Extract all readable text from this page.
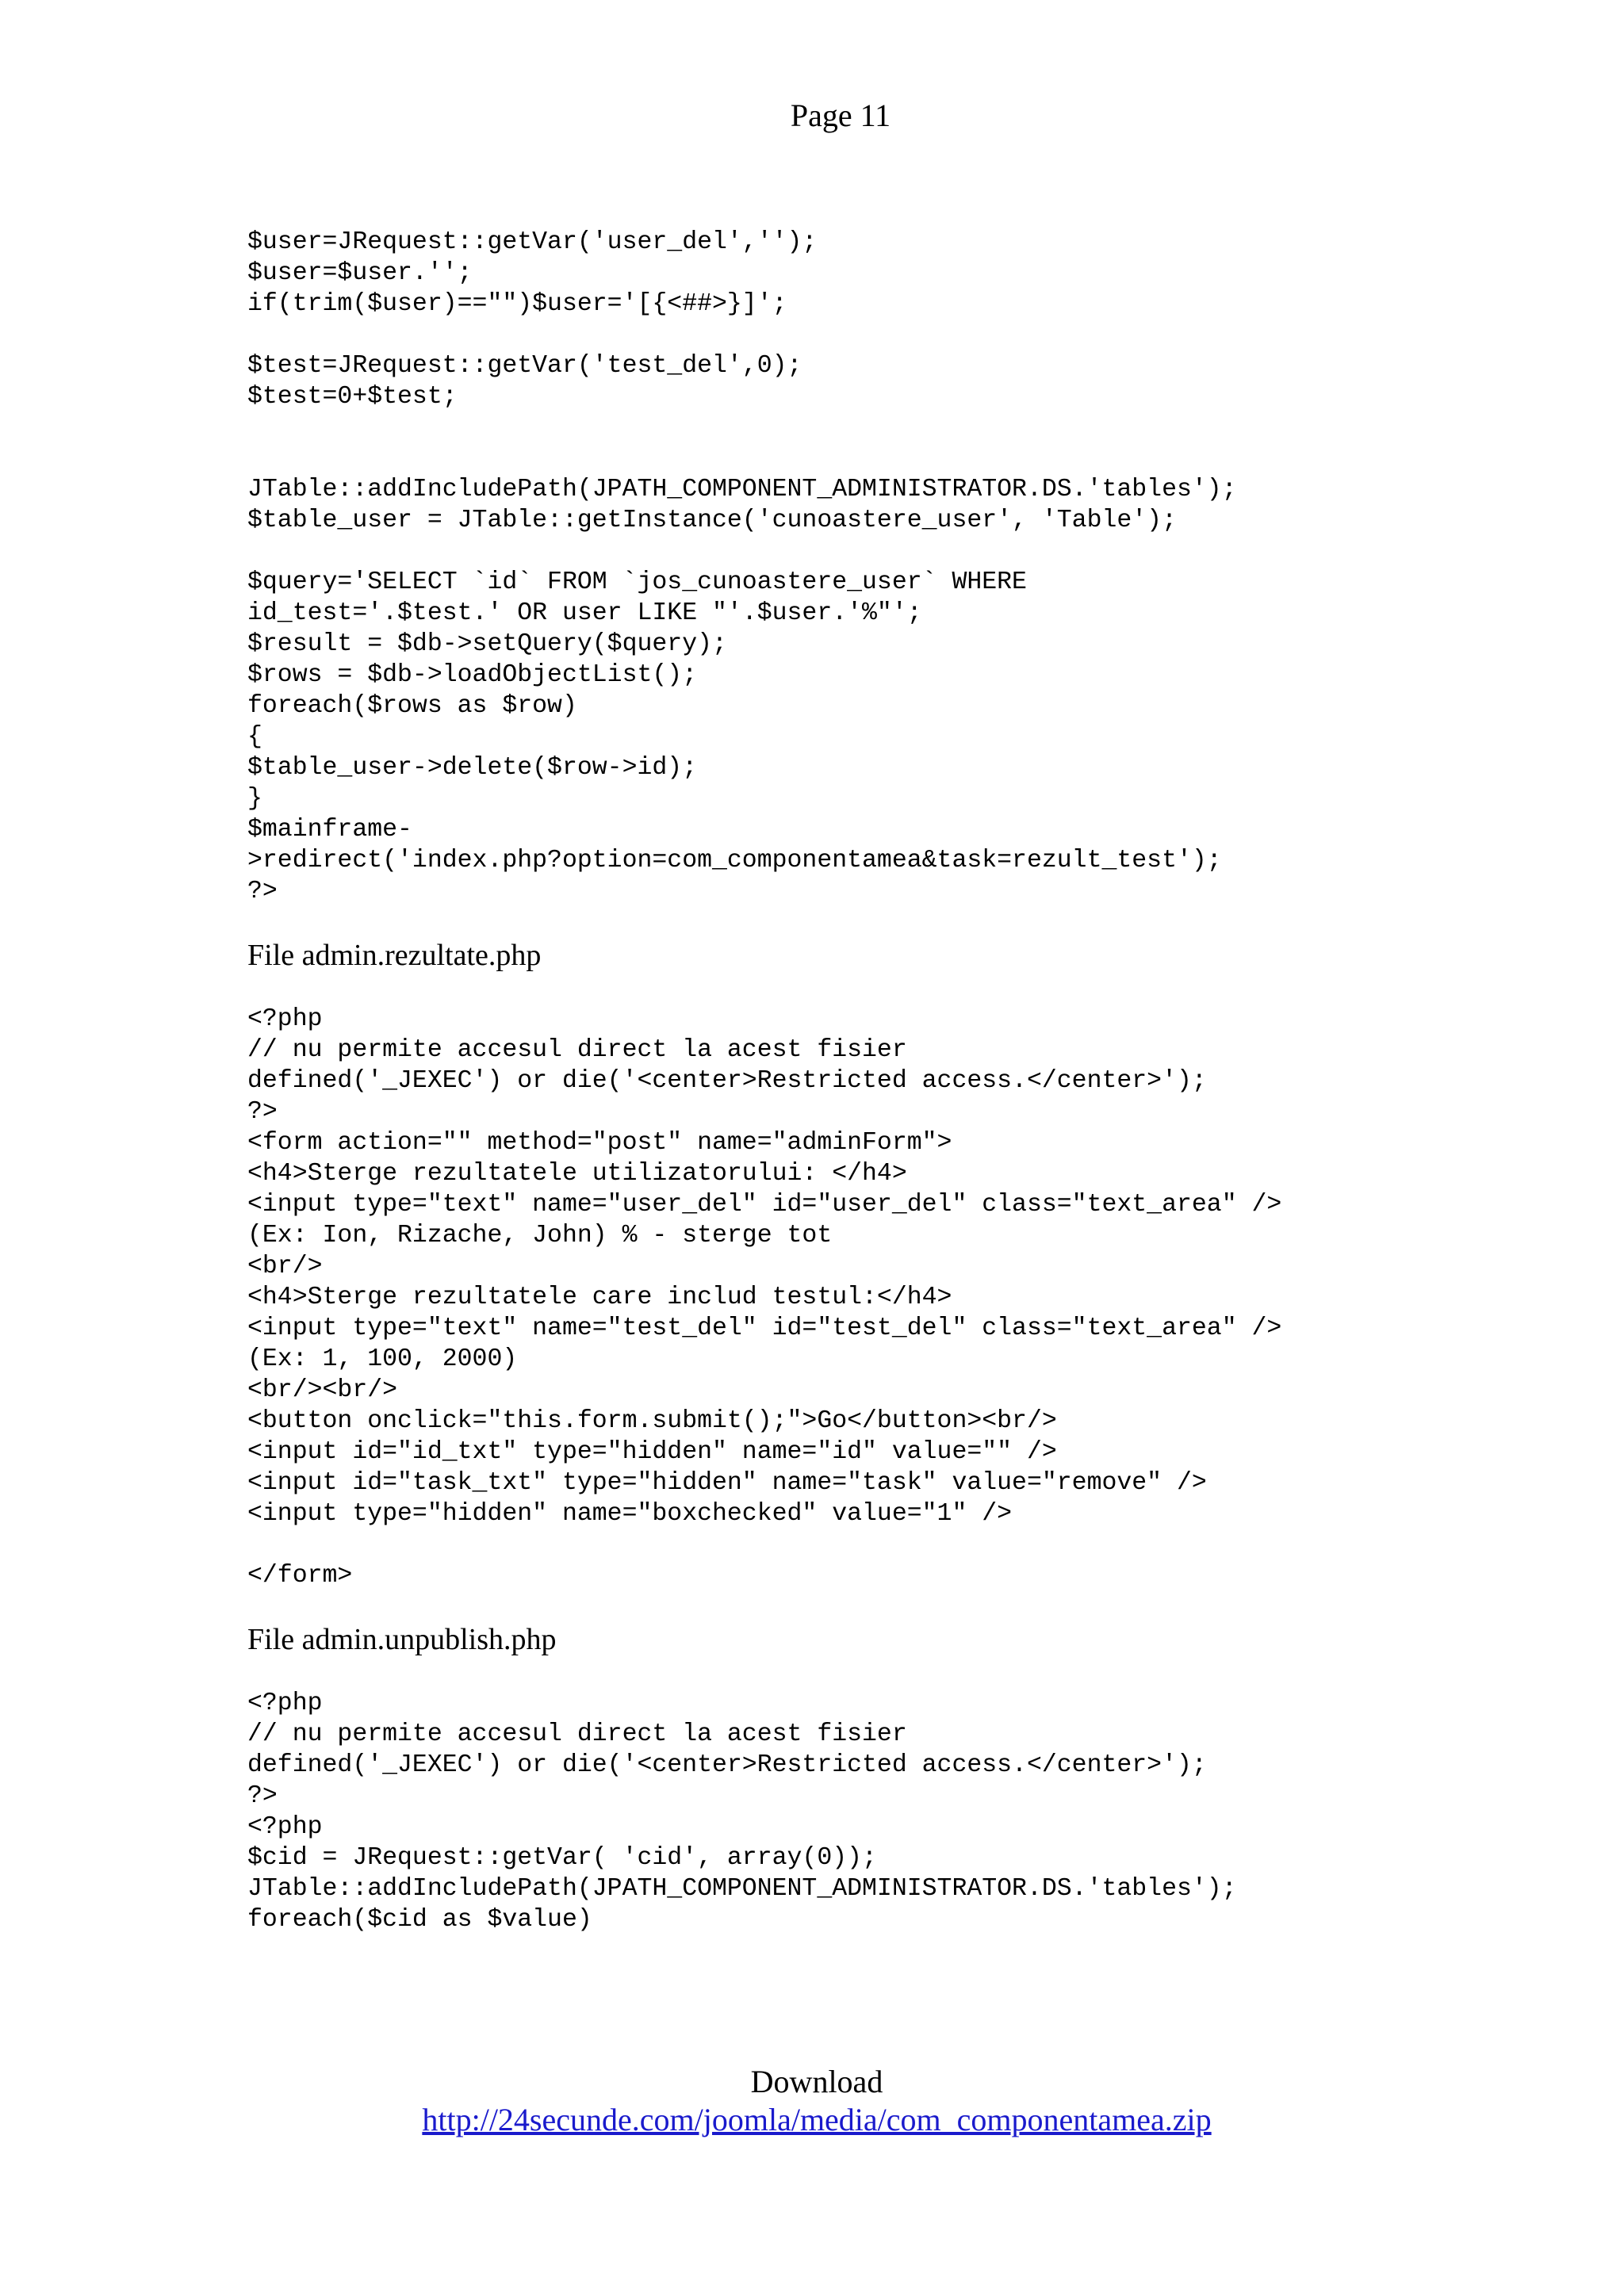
Page 11
$user=JRequest::getVar('user_del','');
$user=$user.'';
if(trim($user)=="")$user='[{<##>}]';
$test=JRequest::getVar('test_del',0);
$test=0+$test;
JTable::addIncludePath(JPATH_COMPONENT_ADMINISTRATOR.DS.'tables');
$table_user = JTable::getInstance('cunoastere_user', 'Table');
$query='SELECT `id` FROM `jos_cunoastere_user` WHERE
id_test='.$test.' OR user LIKE "'.$user.'%"';
$result = $db->setQuery($query);
$rows = $db->loadObjectList();
foreach($rows as $row)
{
$table_user->delete($row->id);
}
$mainframe-
>redirect('index.php?option=com_componentamea&task=rezult_test');
?>

File admin.rezultate.php

<?php
// nu permite accesul direct la acest fisier
defined('_JEXEC') or die('<center>Restricted access.</center>');
?>
<form action="" method="post" name="adminForm">
<h4>Sterge rezultatele utilizatorului: </h4>
<input type="text" name="user_del" id="user_del" class="text_area" />
(Ex: Ion, Rizache, John) % - sterge tot
<br/>
<h4>Sterge rezultatele care includ testul:</h4>
<input type="text" name="test_del" id="test_del" class="text_area" />
(Ex: 1, 100, 2000)
<br/><br/>
<button onclick="this.form.submit();">Go</button><br/>
<input id="id_txt" type="hidden" name="id" value="" />
<input id="task_txt" type="hidden" name="task" value="remove" />
<input type="hidden" name="boxchecked" value="1" />
</form>

File admin.unpublish.php

<?php
// nu permite accesul direct la acest fisier
defined('_JEXEC') or die('<center>Restricted access.</center>');
?>
<?php
$cid = JRequest::getVar( 'cid', array(0));
JTable::addIncludePath(JPATH_COMPONENT_ADMINISTRATOR.DS.'tables');
foreach($cid as $value)
Download
http://24secunde.com/joomla/media/com_componentamea.zip
